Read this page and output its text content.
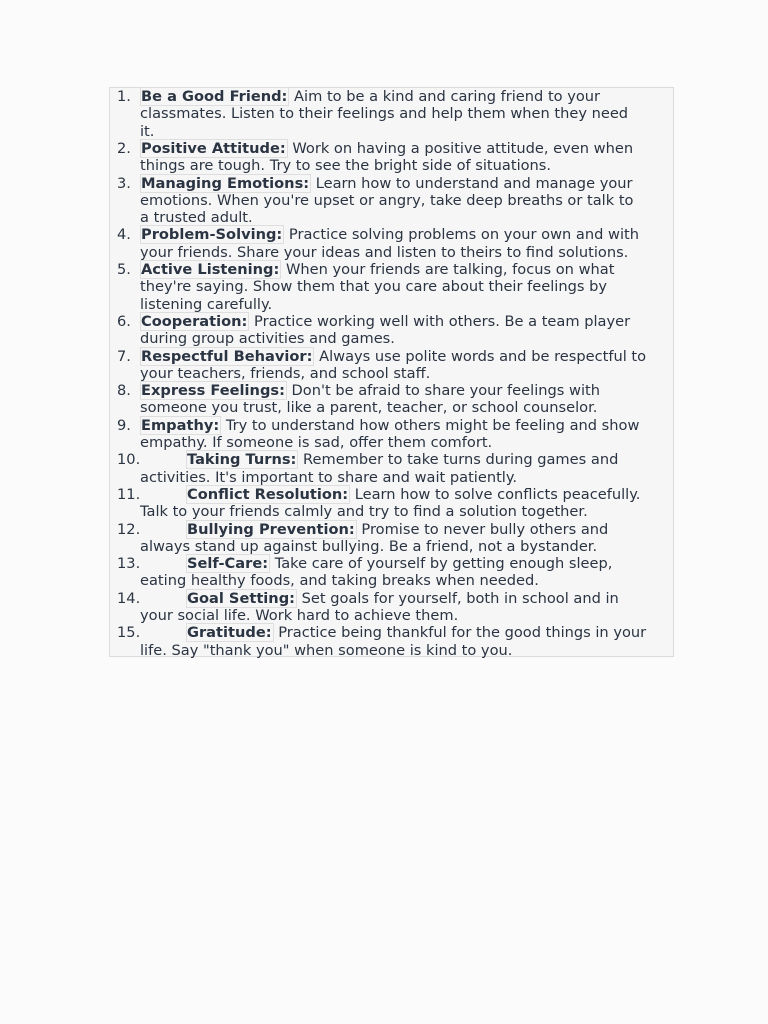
1. Be a Good Friend: Aim to be a kind and caring friend to your
classmates. Listen to their feelings and help them when they need
it.
2. Positive Attitude: Work on having a positive attitude, even when
things are tough. Try to see the bright side of situations.
3. Managing Emotions: Learn how to understand and manage your
emotions. When you're upset or angry, take deep breaths or talk to
a trusted adult.
4. Problem-Solving: Practice solving problems on your own and with
your friends. Share your ideas and listen to theirs to find solutions.
5. Active Listening: When your friends are talking, focus on what
they're saying. Show them that you care about their feelings by
listening carefully.
6. Cooperation: Practice working well with others. Be a team player
during group activities and games.
7. Respectful Behavior: Always use polite words and be respectful to
your teachers, friends, and school staff.
8. Express Feelings: Don't be afraid to share your feelings with
someone you trust, like a parent, teacher, or school counselor.
9. Empathy: Try to understand how others might be feeling and show
empathy. If someone is sad, offer them comfort.
10.	Taking Turns: Remember to take turns during games and
activities. It's important to share and wait patiently.
11.	Conflict Resolution: Learn how to solve conflicts peacefully.
Talk to your friends calmly and try to find a solution together.
12.	Bullying Prevention: Promise to never bully others and
always stand up against bullying. Be a friend, not a bystander.
13.	Self-Care: Take care of yourself by getting enough sleep,
eating healthy foods, and taking breaks when needed.
14.	Goal Setting: Set goals for yourself, both in school and in
your social life. Work hard to achieve them.
15.	Gratitude: Practice being thankful for the good things in your
life. Say "thank you" when someone is kind to you.
